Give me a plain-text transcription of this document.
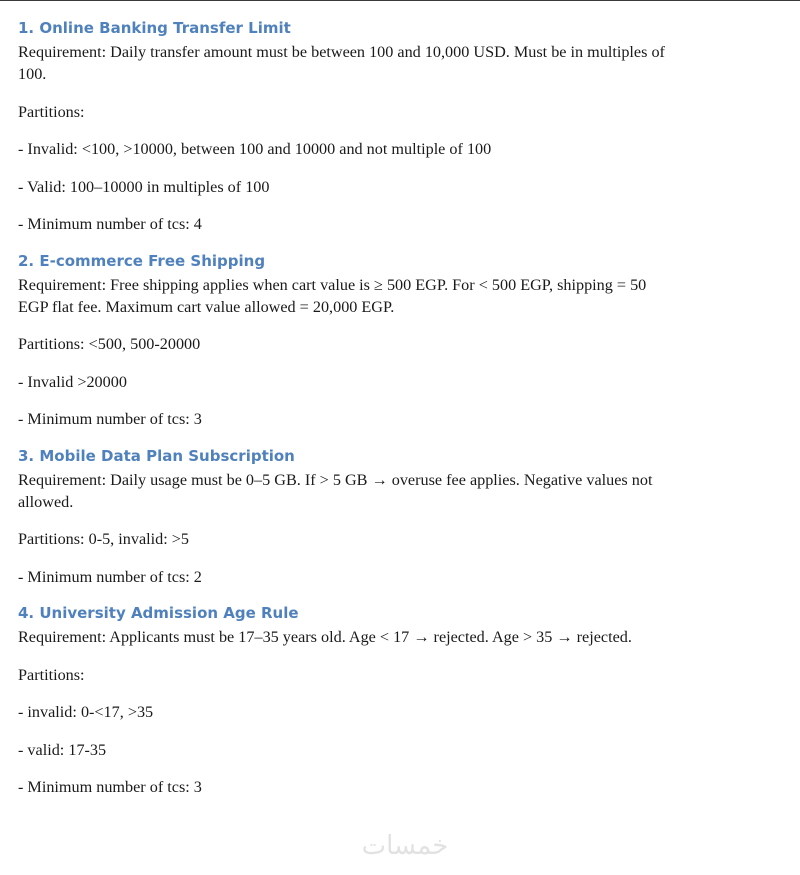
1. Online Banking Transfer Limit

Requirement: Daily transfer amount must be between 100 and 10,000 USD. Must be in multiples of 100.

Partitions:

- Invalid: <100, >10000, between 100 and 10000 and not multiple of 100

- Valid: 100–10000 in multiples of 100

- Minimum number of tcs: 4

2. E-commerce Free Shipping

Requirement: Free shipping applies when cart value is ≥ 500 EGP. For < 500 EGP, shipping = 50 EGP flat fee. Maximum cart value allowed = 20,000 EGP.

Partitions: <500, 500-20000

- Invalid >20000

- Minimum number of tcs: 3

3. Mobile Data Plan Subscription

Requirement: Daily usage must be 0–5 GB. If > 5 GB → overuse fee applies. Negative values not allowed.

Partitions: 0-5, invalid: >5

- Minimum number of tcs: 2

4. University Admission Age Rule

Requirement: Applicants must be 17–35 years old. Age < 17 → rejected. Age > 35 → rejected.

Partitions:

- invalid: 0-<17, >35

- valid: 17-35

- Minimum number of tcs: 3

خمسات
